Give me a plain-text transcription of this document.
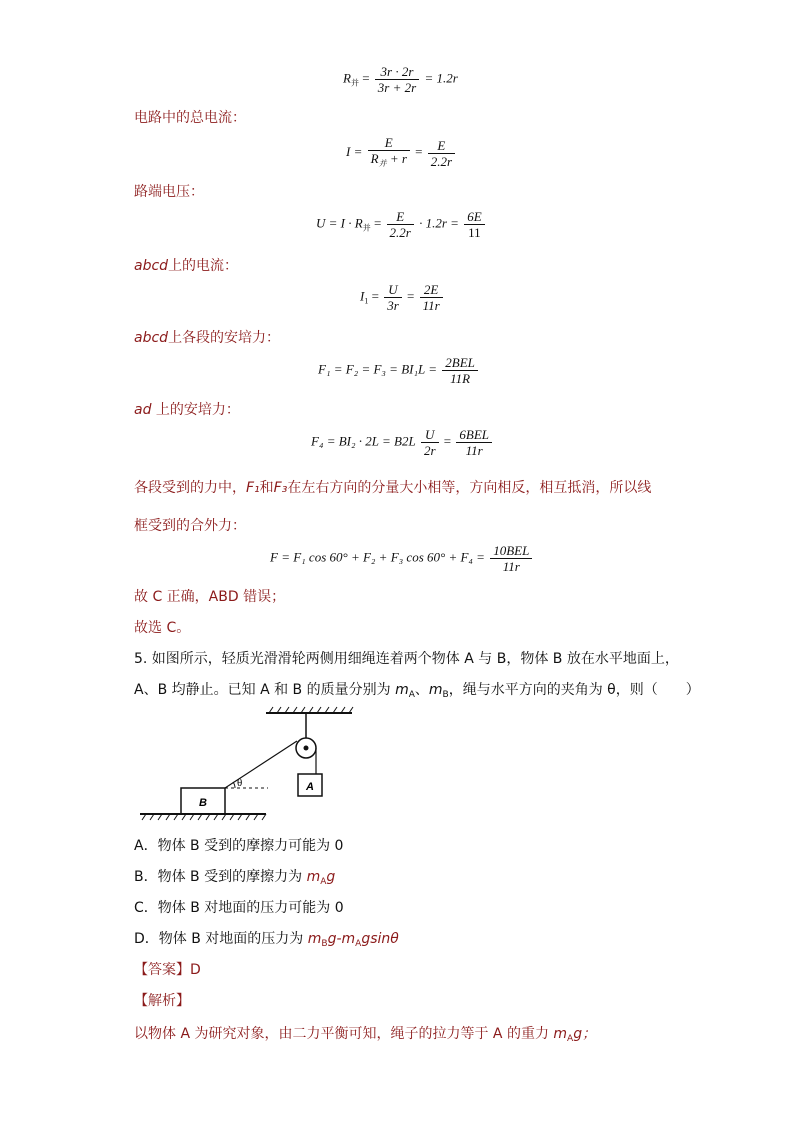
$R_并 = \frac{3r \cdot 2r}{3r + 2r} = 1.2r$
电路中的总电流：
$I = \frac{E}{R_并 + r} = \frac{E}{2.2r}$
路端电压：
$U = I \cdot R_并 = \frac{E}{2.2r} \cdot 1.2r = \frac{6E}{11}$
abcd上的电流：
$I_1 = \frac{U}{3r} = \frac{2E}{11r}$
abcd上各段的安培力：
$F_1 = F_2 = F_3 = BI_1L = \frac{\text{2BEL}}{11R}$
ad 上的安培力：
$F_4 = BI_2 \cdot 2L = B2L \frac{U}{2r} = \frac{\text{6BEL}}{11r}$
各段受到的力中，F₁和F₃在左右方向的分量大小相等，方向相反，相互抵消，所以线
框受到的合外力：
F = F₁ cos 60° + F₂ + F₃ $\cos 60^\circ + F_4 = \frac{\text{10BEL}}{11r}$
故 C 正确，ABD 错误；
故选 C。
5. 如图所示，轻质光滑滑轮两侧用细绳连着两个物体 A 与 B，物体 B 放在水平地面上，
A、B 均静止。已知 A 和 B 的质量分别为 $m_A$、$m_B$，绳与水平方向的夹角为 θ，则（　　）
A
θ
B
A．物体 B 受到的摩擦力可能为 0
B．物体 B 受到的摩擦力为 $m_Ag$
C．物体 B 对地面的压力可能为 0
D．物体 B 对地面的压力为 $m_Bg-m_Agsin\theta$
【答案】D
【解析】
以物体 A 为研究对象，由二力平衡可知，绳子的拉力等于 A 的重力 $m_Ag$；
